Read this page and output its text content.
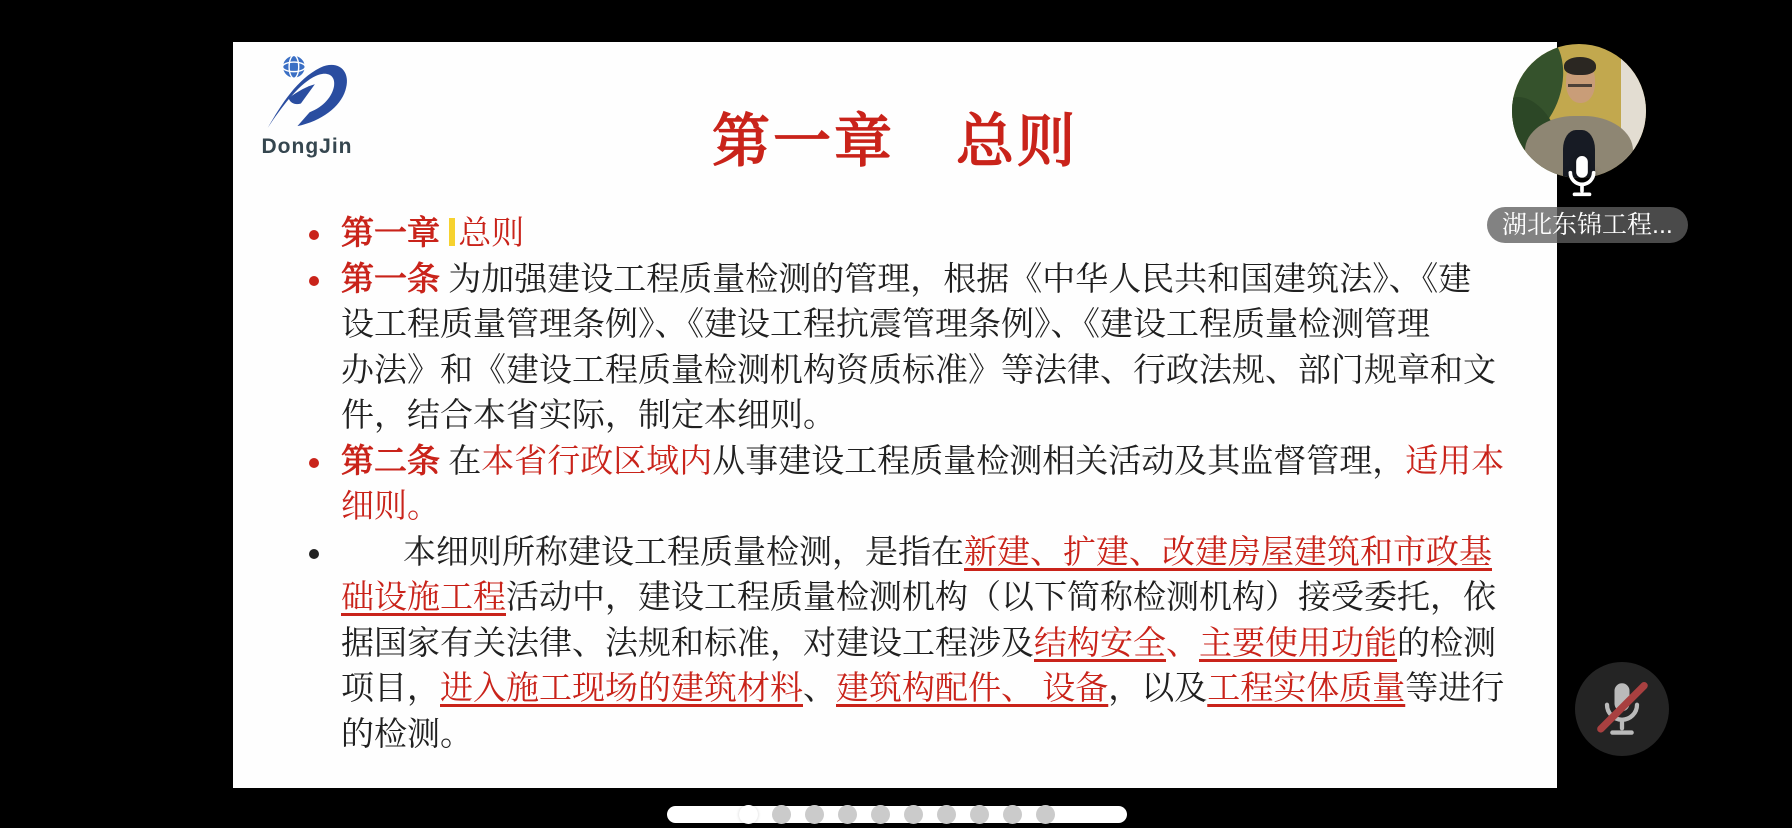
DongJin	第一章　总则
第一章 总则
第一条 为加强建设工程质量检测的管理，根据《中华人民共和国建筑法》、《建
设工程质量管理条例》、《建设工程抗震管理条例》、《建设工程质量检测管理
办法》和《建设工程质量检测机构资质标准》等法律、行政法规、部门规章和文
件，结合本省实际，制定本细则。
第二条 在本省行政区域内从事建设工程质量检测相关活动及其监督管理，适用本
细则。
本细则所称建设工程质量检测，是指在新建、扩建、改建房屋建筑和市政基
础设施工程活动中，建设工程质量检测机构（以下简称检测机构）接受委托，依
据国家有关法律、法规和标准，对建设工程涉及结构安全、主要使用功能的检测
项目，进入施工现场的建筑材料、建筑构配件、 设备，以及工程实体质量等进行
的检测。
湖北东锦工程...
